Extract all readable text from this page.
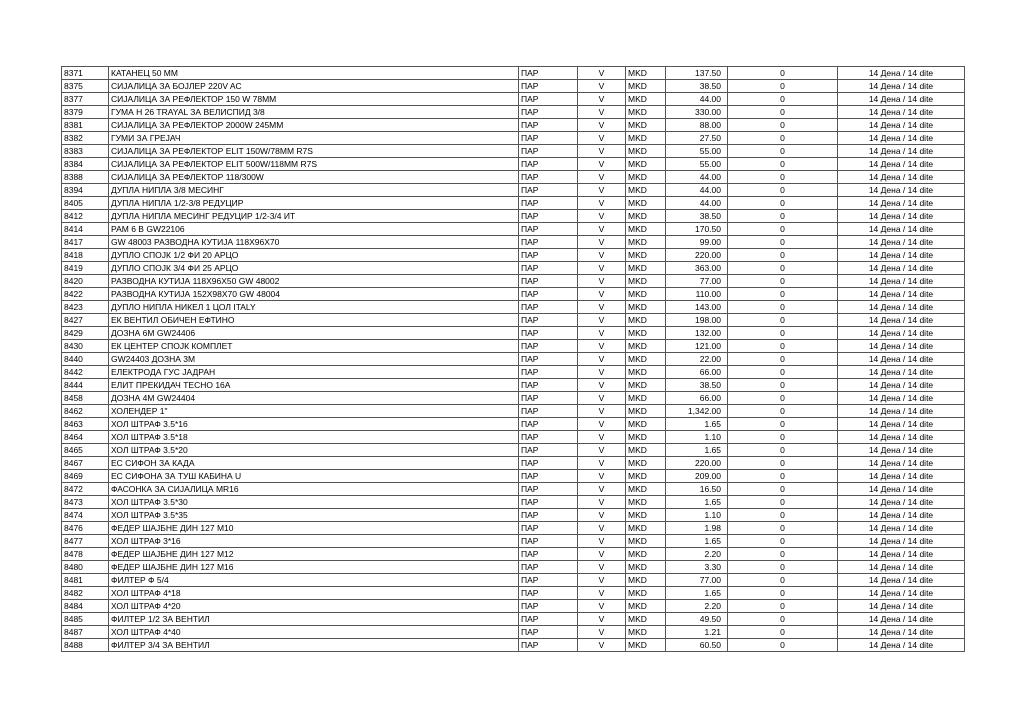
8371	КАТАНЕЦ 50 ММ	ПАР	V	MKD	137.50	0	14 Дена / 14 dite
8375	СИЈАЛИЦА ЗА БОЈЛЕР 220V AC	ПАР	V	MKD	38.50	0	14 Дена / 14 dite
8377	СИЈАЛИЦА ЗА РЕФЛЕКТОР 150 W 78ММ	ПАР	V	MKD	44.00	0	14 Дена / 14 dite
8379	ГУМА Н 26 TRAYAL ЗА ВЕЛИСПИД 3/8	ПАР	V	MKD	330.00	0	14 Дена / 14 dite
8381	СИЈАЛИЦА ЗА РЕФЛЕКТОР 2000W 245ММ	ПАР	V	MKD	88.00	0	14 Дена / 14 dite
8382	ГУМИ ЗА ГРЕЈАЧ	ПАР	V	MKD	27.50	0	14 Дена / 14 dite
8383	СИЈАЛИЦА ЗА РЕФЛЕКТОР ELIT 150W/78MM R7S	ПАР	V	MKD	55.00	0	14 Дена / 14 dite
8384	СИЈАЛИЦА ЗА РЕФЛЕКТОР ELIT 500W/118MM R7S	ПАР	V	MKD	55.00	0	14 Дена / 14 dite
8388	СИЈАЛИЦА ЗА РЕФЛЕКТОР 118/300W	ПАР	V	MKD	44.00	0	14 Дена / 14 dite
8394	ДУПЛА НИПЛА 3/8 МЕСИНГ	ПАР	V	MKD	44.00	0	14 Дена / 14 dite
8405	ДУПЛА НИПЛА 1/2-3/8 РЕДУЦИР	ПАР	V	MKD	44.00	0	14 Дена / 14 dite
8412	ДУПЛА НИПЛА МЕСИНГ РЕДУЦИР 1/2-3/4 ИТ	ПАР	V	MKD	38.50	0	14 Дена / 14 dite
8414	РАМ 6 В GW22106	ПАР	V	MKD	170.50	0	14 Дена / 14 dite
8417	GW 48003 РАЗВОДНА КУТИЈА 118X96X70	ПАР	V	MKD	99.00	0	14 Дена / 14 dite
8418	ДУПЛО СПОЈК 1/2 ФИ 20 АРЦО	ПАР	V	MKD	220.00	0	14 Дена / 14 dite
8419	ДУПЛО СПОЈК 3/4 ФИ 25 АРЦО	ПАР	V	MKD	363.00	0	14 Дена / 14 dite
8420	РАЗВОДНА КУТИЈА 118X96X50 GW 48002	ПАР	V	MKD	77.00	0	14 Дена / 14 dite
8422	РАЗВОДНА КУТИЈА 152X98X70 GW 48004	ПАР	V	MKD	110.00	0	14 Дена / 14 dite
8423	ДУПЛО НИПЛА НИКЕЛ 1 ЦОЛ ITALY	ПАР	V	MKD	143.00	0	14 Дена / 14 dite
8427	ЕК ВЕНТИЛ ОБИЧЕН ЕФТИНО	ПАР	V	MKD	198.00	0	14 Дена / 14 dite
8429	ДОЗНА 6М GW24406	ПАР	V	MKD	132.00	0	14 Дена / 14 dite
8430	ЕК ЦЕНТЕР СПОЈК КОМПЛЕТ	ПАР	V	MKD	121.00	0	14 Дена / 14 dite
8440	GW24403 ДОЗНА 3М	ПАР	V	MKD	22.00	0	14 Дена / 14 dite
8442	ЕЛЕКТРОДА ГУС ЈАДРАН	ПАР	V	MKD	66.00	0	14 Дена / 14 dite
8444	ЕЛИТ ПРЕКИДАЧ ТЕСНО 16А	ПАР	V	MKD	38.50	0	14 Дена / 14 dite
8458	ДОЗНА 4М GW24404	ПАР	V	MKD	66.00	0	14 Дена / 14 dite
8462	ХОЛЕНДЕР 1"	ПАР	V	MKD	1,342.00	0	14 Дена / 14 dite
8463	ХОЛ ШТРАФ 3.5*16	ПАР	V	MKD	1.65	0	14 Дена / 14 dite
8464	ХОЛ ШТРАФ 3.5*18	ПАР	V	MKD	1.10	0	14 Дена / 14 dite
8465	ХОЛ ШТРАФ 3.5*20	ПАР	V	MKD	1.65	0	14 Дена / 14 dite
8467	ЕС СИФОН ЗА КАДА	ПАР	V	MKD	220.00	0	14 Дена / 14 dite
8469	ЕС СИФОНА ЗА ТУШ КАБИНА U	ПАР	V	MKD	209.00	0	14 Дена / 14 dite
8472	ФАСОНКА ЗА СИЈАЛИЦА MR16	ПАР	V	MKD	16.50	0	14 Дена / 14 dite
8473	ХОЛ ШТРАФ 3.5*30	ПАР	V	MKD	1.65	0	14 Дена / 14 dite
8474	ХОЛ ШТРАФ 3.5*35	ПАР	V	MKD	1.10	0	14 Дена / 14 dite
8476	ФЕДЕР ШАЈБНЕ ДИН 127 М10	ПАР	V	MKD	1.98	0	14 Дена / 14 dite
8477	ХОЛ ШТРАФ 3*16	ПАР	V	MKD	1.65	0	14 Дена / 14 dite
8478	ФЕДЕР ШАЈБНЕ ДИН 127 М12	ПАР	V	MKD	2.20	0	14 Дена / 14 dite
8480	ФЕДЕР ШАЈБНЕ ДИН 127 М16	ПАР	V	MKD	3.30	0	14 Дена / 14 dite
8481	ФИЛТЕР Ф 5/4	ПАР	V	MKD	77.00	0	14 Дена / 14 dite
8482	ХОЛ ШТРАФ 4*18	ПАР	V	MKD	1.65	0	14 Дена / 14 dite
8484	ХОЛ ШТРАФ 4*20	ПАР	V	MKD	2.20	0	14 Дена / 14 dite
8485	ФИЛТЕР 1/2 ЗА ВЕНТИЛ	ПАР	V	MKD	49.50	0	14 Дена / 14 dite
8487	ХОЛ ШТРАФ 4*40	ПАР	V	MKD	1.21	0	14 Дена / 14 dite
8488	ФИЛТЕР 3/4 ЗА ВЕНТИЛ	ПАР	V	MKD	60.50	0	14 Дена / 14 dite
